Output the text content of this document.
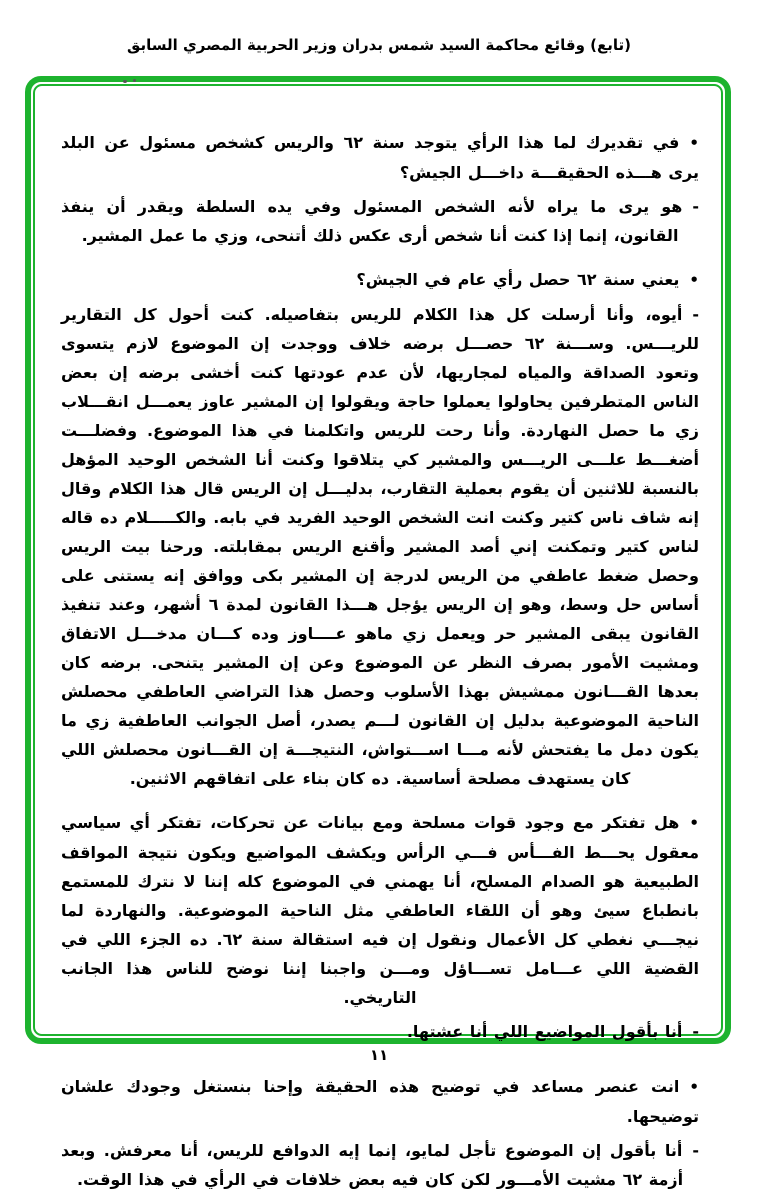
(تابع) وقائع محاكمة السيد شمس بدران وزير الحربية المصري السابق

•في تقديرك لما هذا الرأي يتوجد سنة ٦٢ والريس كشخص مسئول عن البلد يرى هـــذه الحقيقـــة داخـــل الجيش؟

-هو يرى ما يراه لأنه الشخص المسئول وفي يده السلطة ويقدر أن ينفذ القانون، إنما إذا كنت أنا شخص أرى عكس ذلك أتنحى، وزي ما عمل المشير.

•يعني سنة ٦٢ حصل رأي عام في الجيش؟

-أيوه، وأنا أرسلت كل هذا الكلام للريس بتفاصيله. كنت أحول كل التقارير للريـــس. وســـنة ٦٢ حصـــل برضه خلاف ووجدت إن الموضوع لازم يتسوى وتعود الصداقة والمياه لمجاريها، لأن عدم عودتها كنت أخشى برضه إن بعض الناس المتطرفين يحاولوا يعملوا حاجة ويقولوا إن المشير عاوز يعمـــل انقـــلاب زي ما حصل النهاردة. وأنا رحت للريس واتكلمنا في هذا الموضوع. وفضلـــت أضغـــط علـــى الريـــس والمشير كي يتلاقوا وكنت أنا الشخص الوحيد المؤهل بالنسبة للاثنين أن يقوم بعملية التقارب، بدليـــل إن الريس قال هذا الكلام وقال إنه شاف ناس كتير وكنت انت الشخص الوحيد الفريد في بابه. والكـــــلام ده قاله لناس كتير وتمكنت إني أصد المشير وأقنع الريس بمقابلته. ورحنا بيت الريس وحصل ضغط عاطفي من الريس لدرجة إن المشير بكى ووافق إنه يستنى على أساس حل وسط، وهو إن الريس يؤجل هـــذا القانون لمدة ٦ أشهر، وعند تنفيذ القانون يبقى المشير حر ويعمل زي ماهو عــــاوز وده كـــان مدخـــل الاتفاق ومشيت الأمور بصرف النظر عن الموضوع وعن إن المشير يتنحى. برضه كان بعدها القـــانون ممشيش بهذا الأسلوب وحصل هذا التراضي العاطفي محصلش الناحية الموضوعية بدليل إن القانون لـــم يصدر، أصل الجوانب العاطفية زي ما يكون دمل ما يفتحش لأنه مـــا اســـتواش، النتيجـــة إن القـــانون محصلش اللي كان يستهدف مصلحة أساسية. ده كان بناء على اتفاقهم الاثنين.

•هل تفتكر مع وجود قوات مسلحة ومع بيانات عن تحركات، تفتكر أي سياسي معقول يحـــط الفـــأس فـــي الرأس ويكشف المواضيع ويكون نتيجة المواقف الطبيعية هو الصدام المسلح، أنا يهمني في الموضوع كله إننا لا نترك للمستمع بانطباع سيئ وهو أن اللقاء العاطفي مثل الناحية الموضوعية. والنهاردة لما نيجـــي نغطي كل الأعمال ونقول إن فيه استقالة سنة ٦٢. ده الجزء اللي في القضية اللي عـــامل تســـاؤل ومـــن واجبنا إننا نوضح للناس هذا الجانب التاريخي.

-أنا بأقول المواضيع اللي أنا عشتها.

•انت عنصر مساعد في توضيح هذه الحقيقة وإحنا بنستغل وجودك علشان توضيحها.

-أنا بأقول إن الموضوع تأجل لمايو، إنما إيه الدوافع للريس، أنا معرفش. وبعد أزمة ٦٢ مشيت الأمـــور لكن كان فيه بعض خلافات في الرأي في هذا الوقت.

١١
